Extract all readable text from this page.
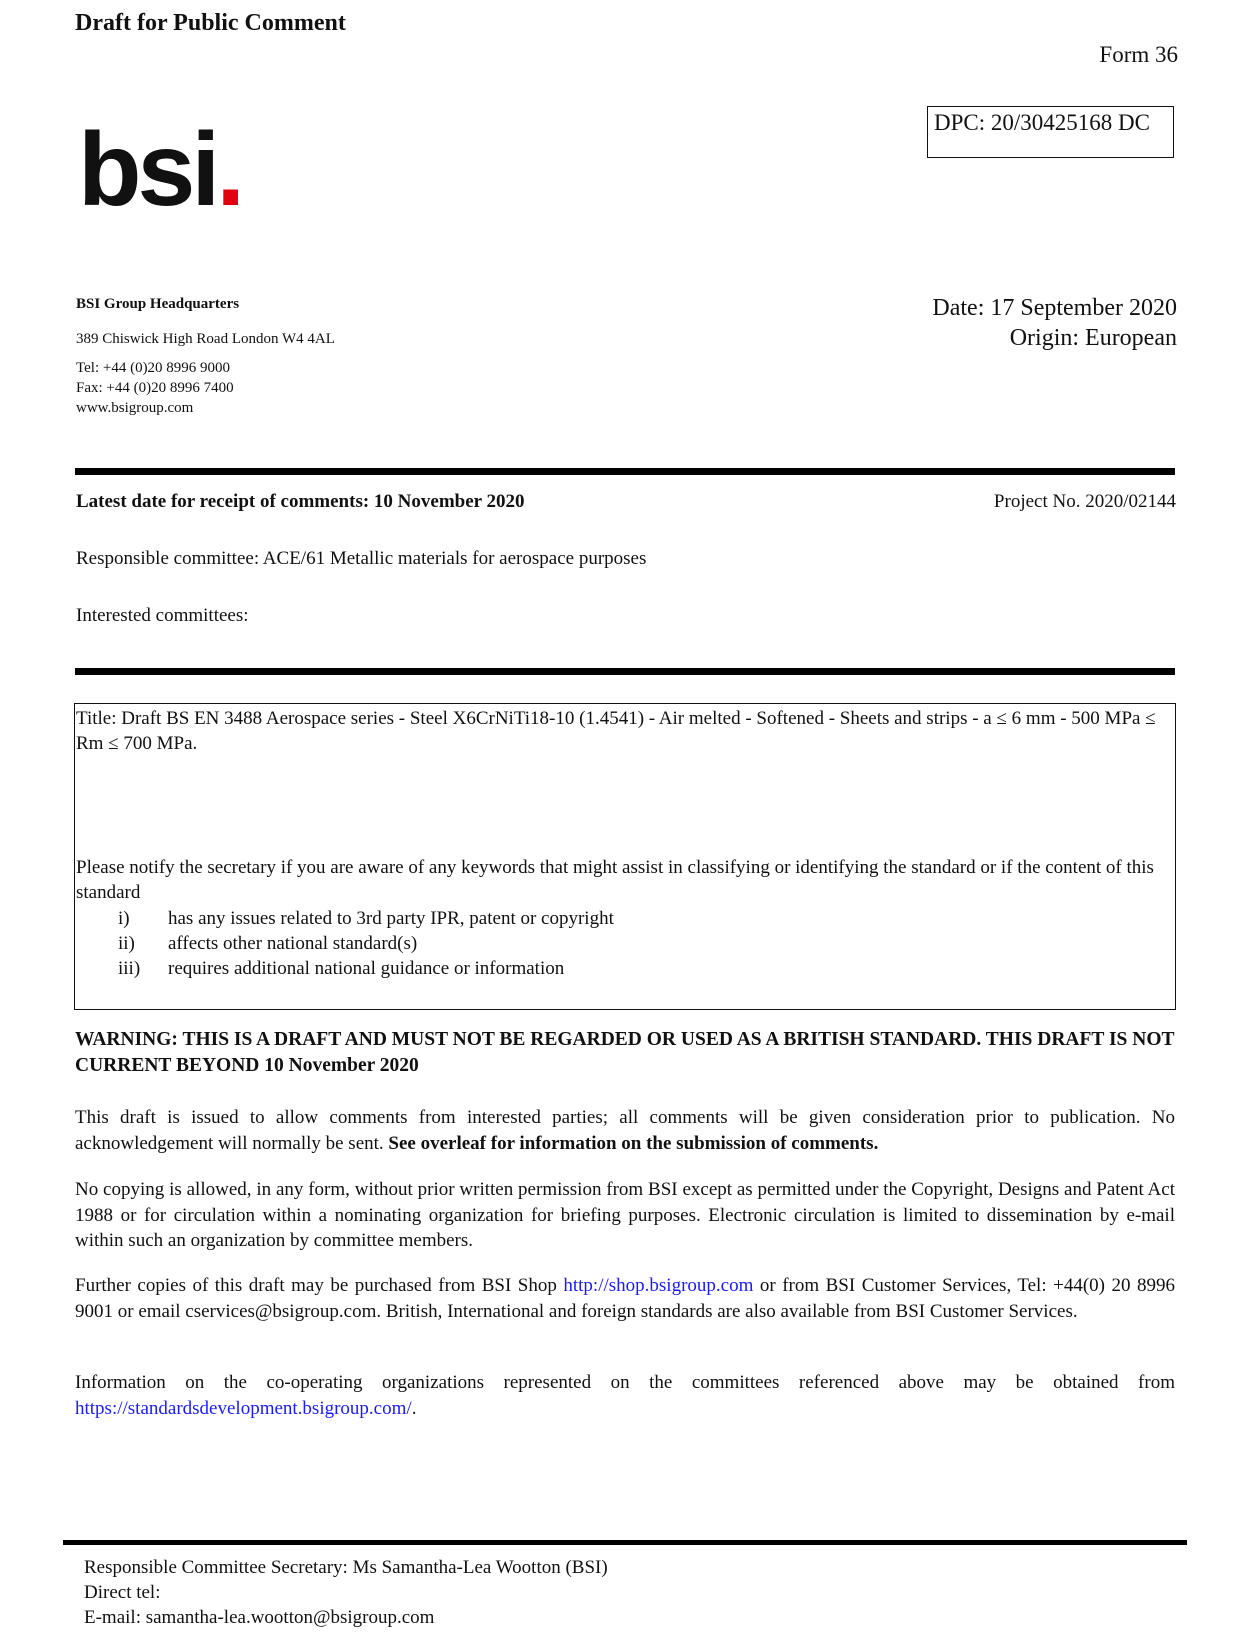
Draft for Public Comment
Form 36
DPC: 20/30425168 DC
bsi.
BSI Group Headquarters
389 Chiswick High Road London W4 4AL
Tel: +44 (0)20 8996 9000
Fax: +44 (0)20 8996 7400
www.bsigroup.com
Date: 17 September 2020
Origin: European
Latest date for receipt of comments: 10 November 2020	Project No. 2020/02144
Responsible committee: ACE/61 Metallic materials for aerospace purposes
Interested committees:
Title: Draft BS EN 3488 Aerospace series - Steel X6CrNiTi18-10 (1.4541) - Air melted - Softened - Sheets and strips - a ≤ 6 mm - 500 MPa ≤ Rm ≤ 700 MPa.
Please notify the secretary if you are aware of any keywords that might assist in classifying or identifying the standard or if the content of this standard
i)	has any issues related to 3rd party IPR, patent or copyright
ii)	affects other national standard(s)
iii)	requires additional national guidance or information
WARNING: THIS IS A DRAFT AND MUST NOT BE REGARDED OR USED AS A BRITISH STANDARD. THIS DRAFT IS NOT CURRENT BEYOND 10 November 2020
This draft is issued to allow comments from interested parties; all comments will be given consideration prior to publication. No acknowledgement will normally be sent. See overleaf for information on the submission of comments.
No copying is allowed, in any form, without prior written permission from BSI except as permitted under the Copyright, Designs and Patent Act 1988 or for circulation within a nominating organization for briefing purposes. Electronic circulation is limited to dissemination by e-mail within such an organization by committee members.
Further copies of this draft may be purchased from BSI Shop http://shop.bsigroup.com or from BSI Customer Services, Tel: +44(0) 20 8996 9001 or email cservices@bsigroup.com. British, International and foreign standards are also available from BSI Customer Services.
Information on the co-operating organizations represented on the committees referenced above may be obtained from https://standardsdevelopment.bsigroup.com/.
Responsible Committee Secretary: Ms Samantha-Lea Wootton (BSI)
Direct tel:
E-mail: samantha-lea.wootton@bsigroup.com
